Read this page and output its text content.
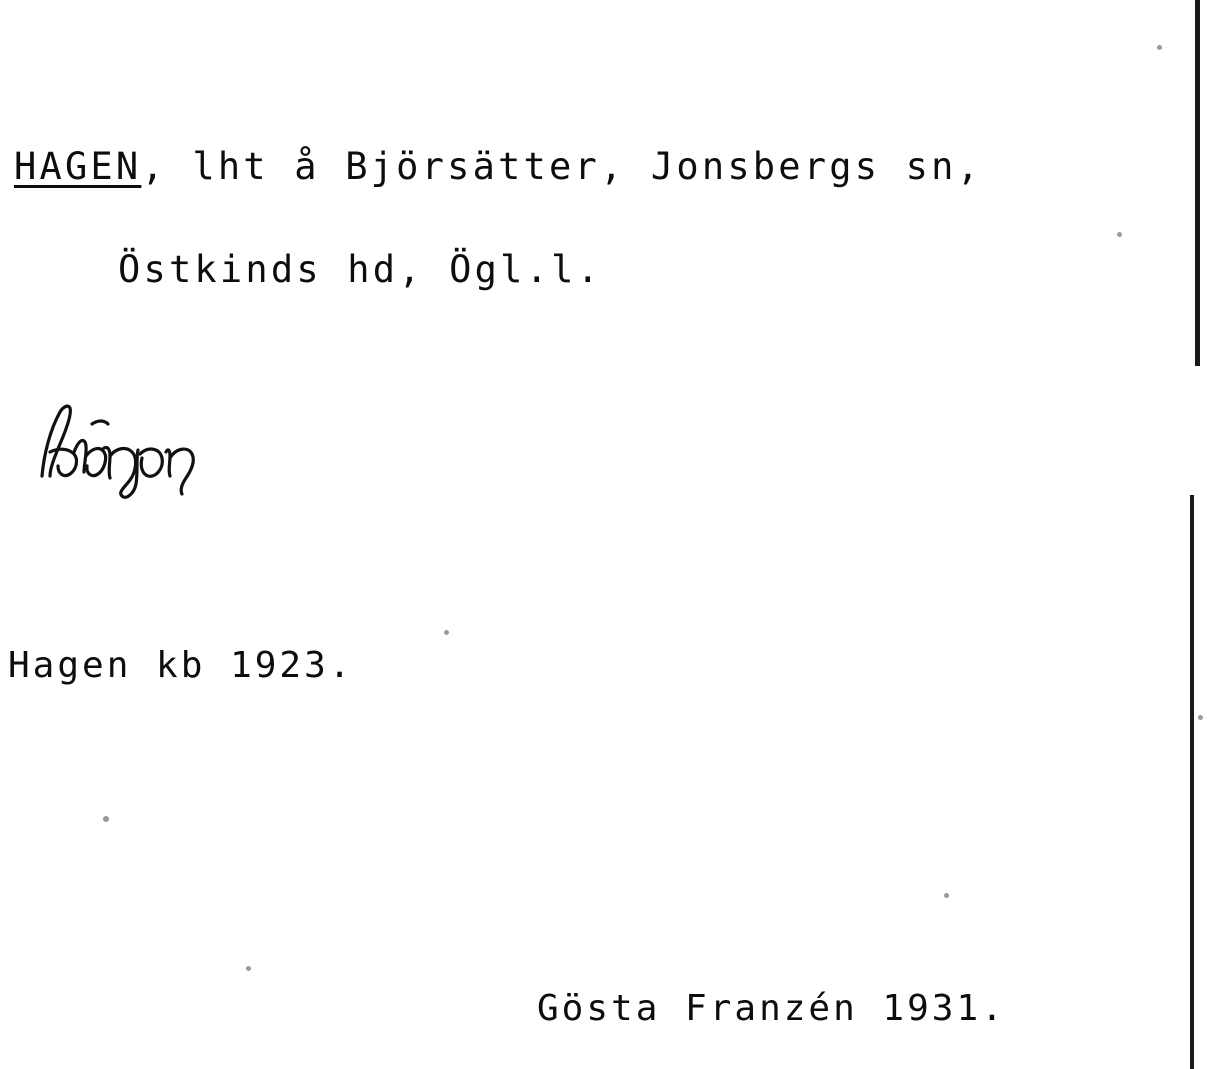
HAGEN, lht å Björsätter, Jonsbergs sn,
Östkinds hd, Ögl.l.
Hagen kb 1923.
Gösta Franzén 1931.
